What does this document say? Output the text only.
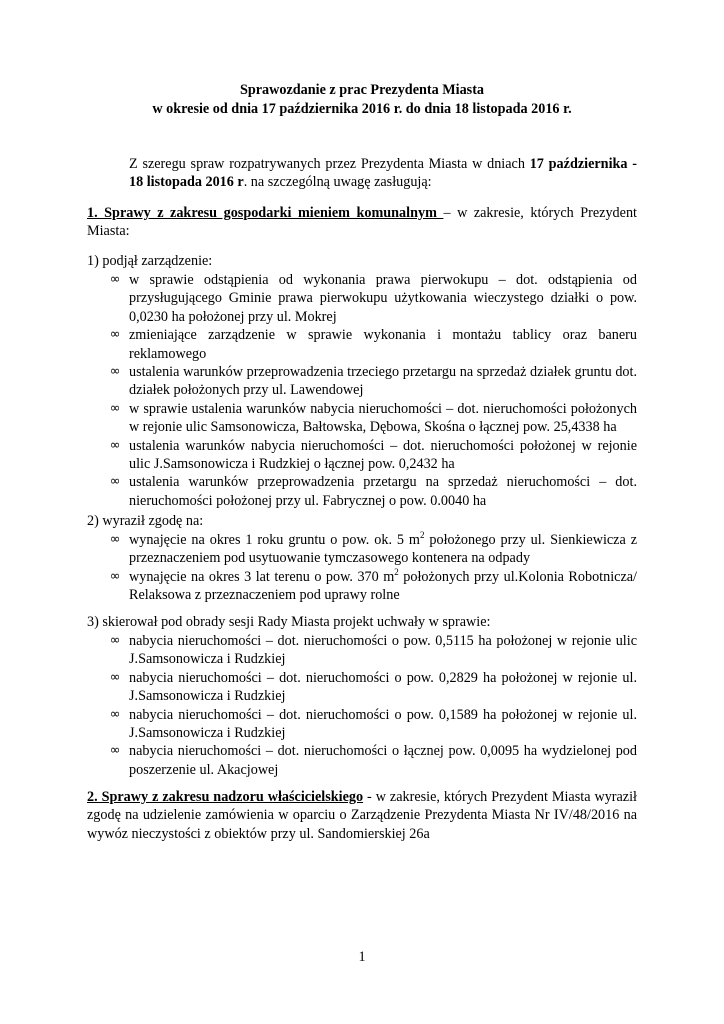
Sprawozdanie z prac Prezydenta Miasta
w okresie od dnia 17 października 2016 r. do dnia 18 listopada 2016 r.
Z szeregu spraw rozpatrywanych przez Prezydenta Miasta w dniach 17 października - 18 listopada 2016 r. na szczególną uwagę zasługują:
1. Sprawy z zakresu gospodarki mieniem komunalnym – w zakresie, których Prezydent Miasta:
1) podjął zarządzenie:
∞ w sprawie odstąpienia od wykonania prawa pierwokupu – dot. odstąpienia od przysługującego Gminie prawa pierwokupu użytkowania wieczystego działki o pow. 0,0230 ha położonej przy ul. Mokrej
∞ zmieniające zarządzenie w sprawie wykonania i montażu tablicy oraz baneru reklamowego
∞ ustalenia warunków przeprowadzenia trzeciego przetargu na sprzedaż działek gruntu dot. działek położonych przy ul. Lawendowej
∞ w sprawie ustalenia warunków nabycia nieruchomości – dot. nieruchomości położonych w rejonie ulic Samsonowicza, Bałtowska, Dębowa, Skośna o łącznej pow. 25,4338 ha
∞ ustalenia warunków nabycia nieruchomości – dot. nieruchomości położonej w rejonie ulic J.Samsonowicza i Rudzkiej o łącznej pow. 0,2432 ha
∞ ustalenia warunków przeprowadzenia przetargu na sprzedaż nieruchomości – dot. nieruchomości położonej przy ul. Fabrycznej o pow. 0.0040 ha
2) wyraził zgodę na:
∞ wynajęcie na okres 1 roku gruntu o pow. ok. 5 $m^2$ położonego przy ul. Sienkiewicza z przeznaczeniem pod usytuowanie tymczasowego kontenera na odpady
∞ wynajęcie na okres 3 lat terenu o pow. 370 $m^2$ położonych przy ul.Kolonia Robotnicza/ Relaksowa z przeznaczeniem pod uprawy rolne
3) skierował pod obrady sesji Rady Miasta projekt uchwały w sprawie:
∞ nabycia nieruchomości – dot. nieruchomości o pow. 0,5115 ha położonej w rejonie ulic J.Samsonowicza i Rudzkiej
∞ nabycia nieruchomości – dot. nieruchomości o pow. 0,2829 ha położonej w rejonie ul. J.Samsonowicza i Rudzkiej
∞ nabycia nieruchomości – dot. nieruchomości o pow. 0,1589 ha położonej w rejonie ul. J.Samsonowicza i Rudzkiej
∞ nabycia nieruchomości – dot. nieruchomości o łącznej pow. 0,0095 ha wydzielonej pod poszerzenie ul. Akacjowej
2. Sprawy z zakresu nadzoru właścicielskiego - w zakresie, których Prezydent Miasta wyraził zgodę na udzielenie zamówienia w oparciu o Zarządzenie Prezydenta Miasta Nr IV/48/2016 na wywóz nieczystości z obiektów przy ul. Sandomierskiej 26a
1
